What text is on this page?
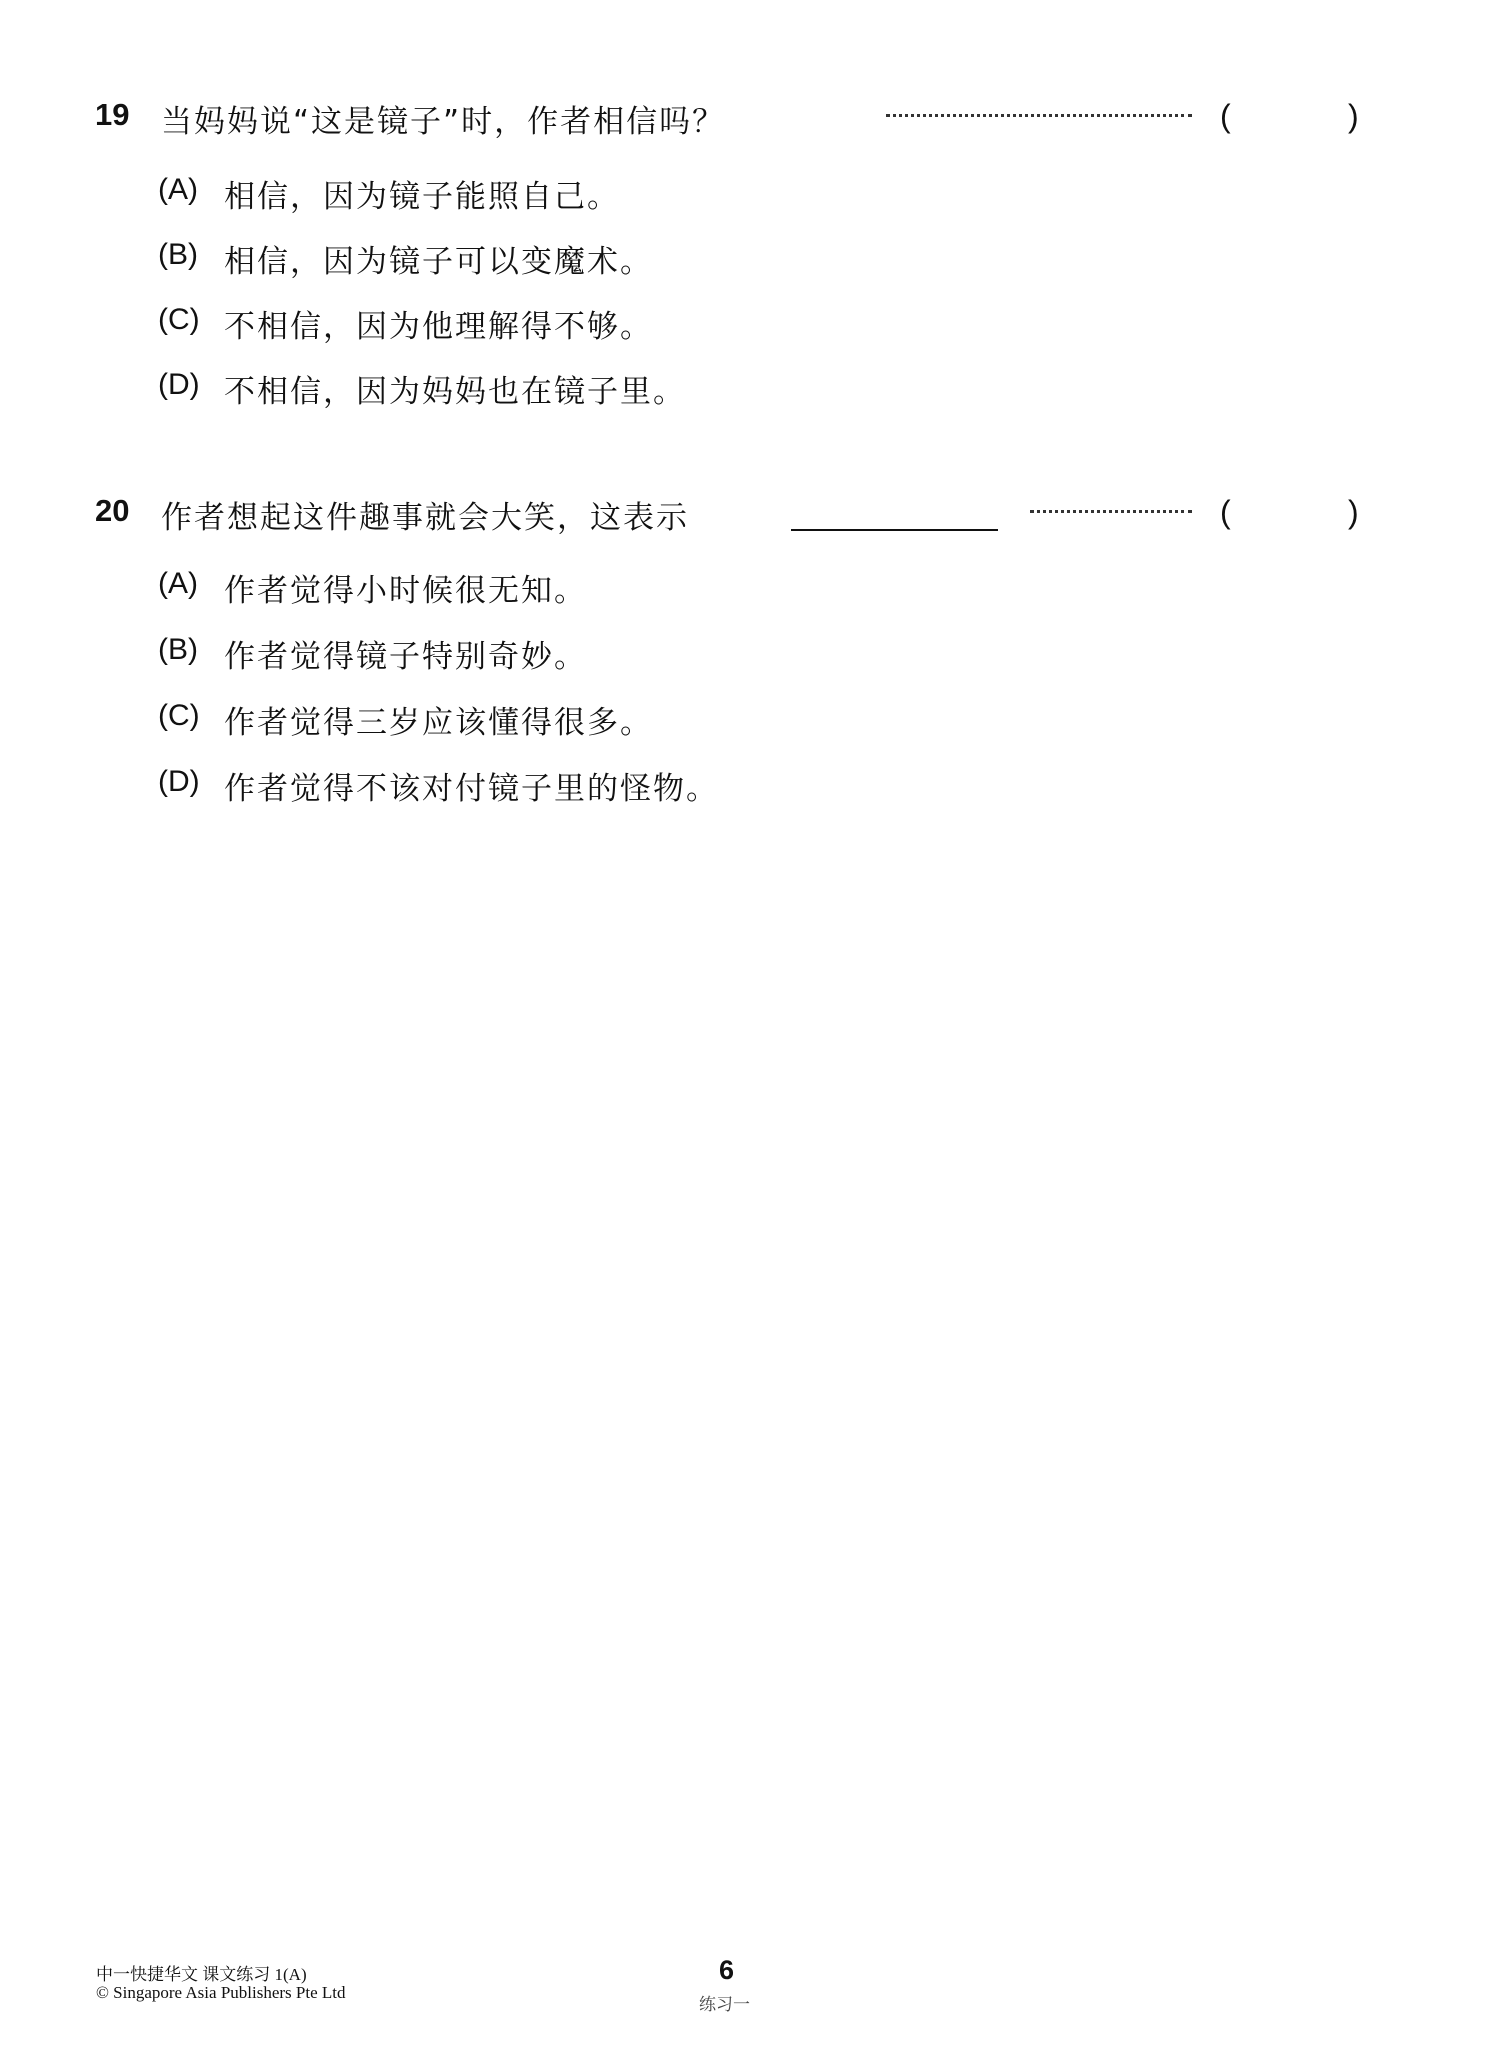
19 当妈妈说“这是镜子”时，作者相信吗？	(	)
(A) 相信，因为镜子能照自己。
(B) 相信，因为镜子可以变魔术。
(C) 不相信，因为他理解得不够。
(D) 不相信，因为妈妈也在镜子里。
20 作者想起这件趣事就会大笑，这表示	(	)
(A) 作者觉得小时候很无知。
(B) 作者觉得镜子特别奇妙。
(C) 作者觉得三岁应该懂得很多。
(D) 作者觉得不该对付镜子里的怪物。
中一快捷华文 课文练习 1(A)
© Singapore Asia Publishers Pte Ltd
6
练习一
